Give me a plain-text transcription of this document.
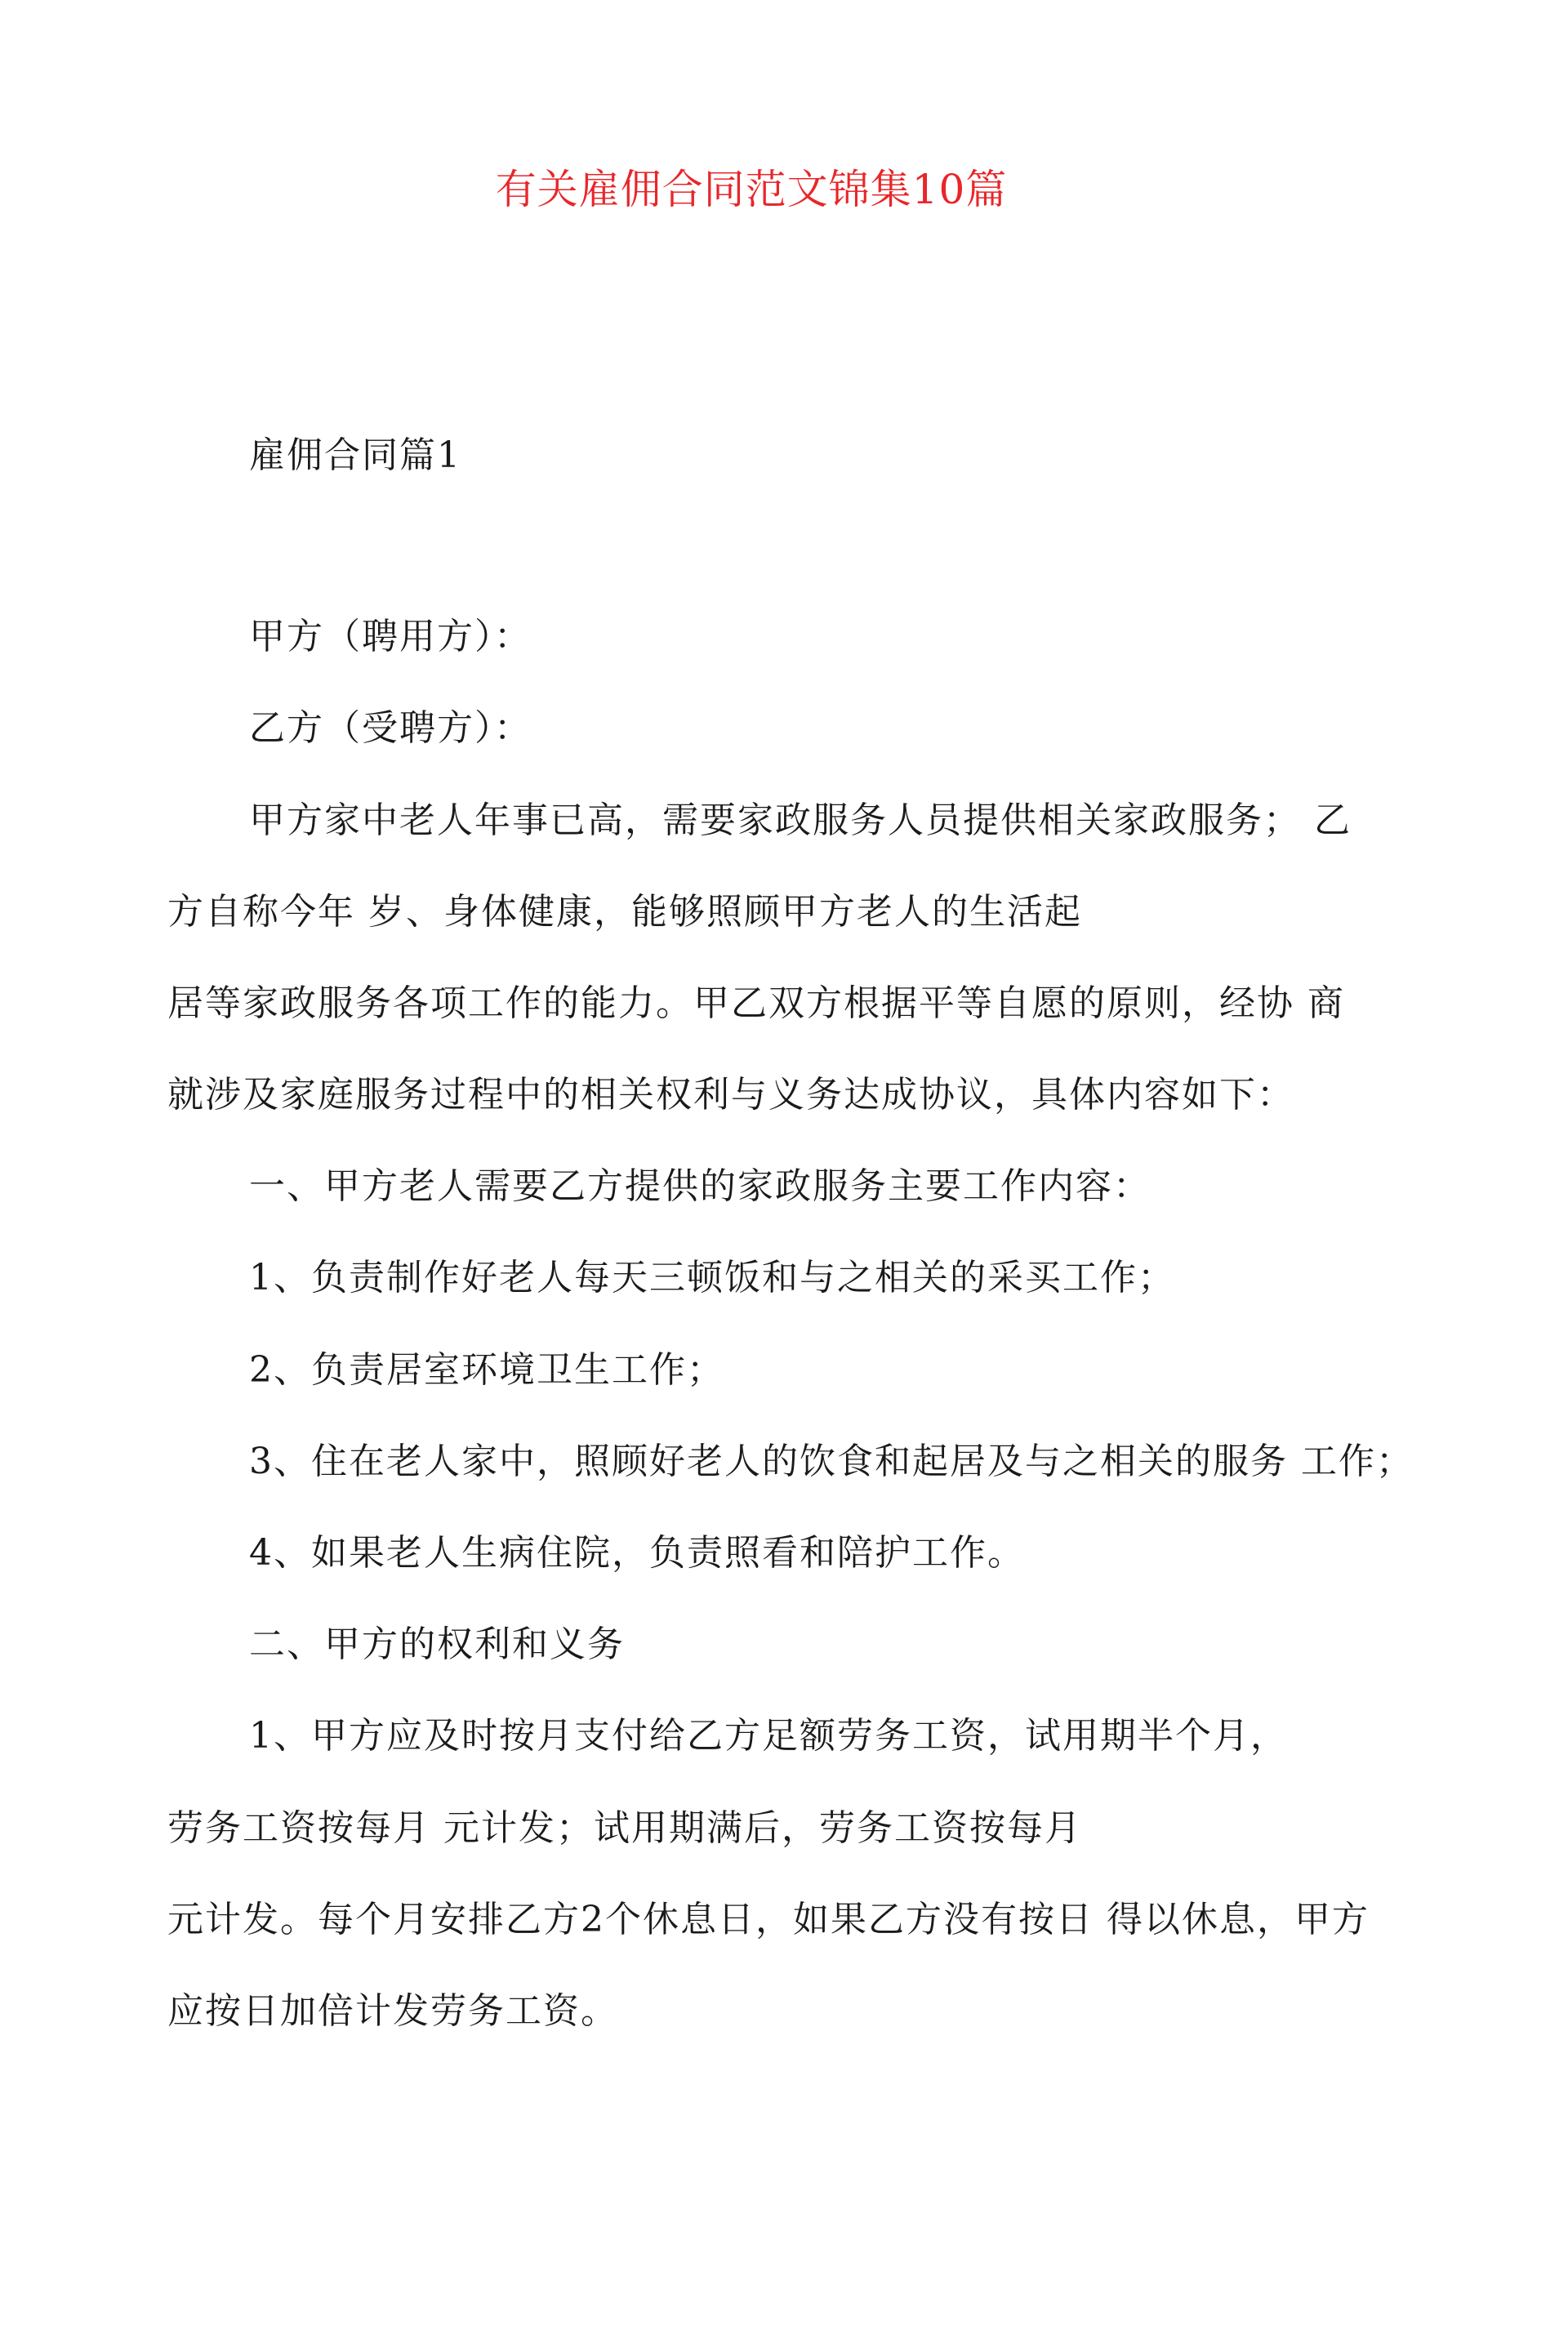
有关雇佣合同范文锦集10篇
雇佣合同篇1
甲方（聘用方）：
乙方（受聘方）：
甲方家中老人年事已高，需要家政服务人员提供相关家政服务； 乙
方自称今年 岁、身体健康，能够照顾甲方老人的生活起
居等家政服务各项工作的能力。甲乙双方根据平等自愿的原则，经协 商
就涉及家庭服务过程中的相关权利与义务达成协议，具体内容如下：
一、甲方老人需要乙方提供的家政服务主要工作内容：
1、负责制作好老人每天三顿饭和与之相关的采买工作；
2、负责居室环境卫生工作；
3、住在老人家中，照顾好老人的饮食和起居及与之相关的服务 工作；
4、如果老人生病住院，负责照看和陪护工作。
二、甲方的权利和义务
1、甲方应及时按月支付给乙方足额劳务工资，试用期半个月，
劳务工资按每月 元计发；试用期满后，劳务工资按每月
元计发。每个月安排乙方2个休息日，如果乙方没有按日 得以休息，甲方
应按日加倍计发劳务工资。
